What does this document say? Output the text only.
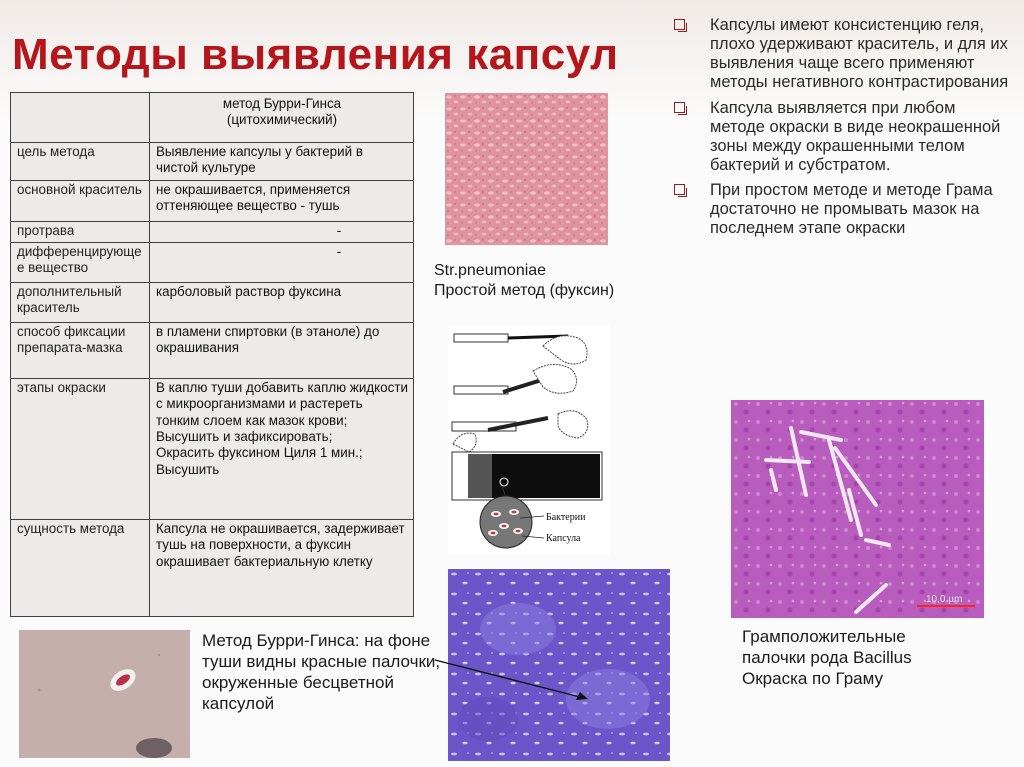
Методы выявления капсул

	метод Бурри-Гинса
(цитохимический)

цель метода	Выявление капсулы у бактерий в чистой культуре
основной краситель	не окрашивается, применяется оттеняющее вещество - тушь
протрава	-
дифференцирующее вещество	-
дополнительный краситель	карболовый раствор фуксина
способ фиксации препарата-мазка	в пламени спиртовки (в этаноле) до окрашивания
этапы окраски	В каплю туши добавить каплю жидкости с микроорганизмами и растереть тонким слоем как мазок крови;
Высушить и зафиксировать;
Окрасить фуксином Циля 1 мин.;
Высушить
сущность метода	Капсула не окрашивается, задерживает тушь на поверхности, а фуксин окрашивает бактериальную клетку
Капсулы имеют консистенцию геля, плохо удерживают краситель, и для их выявления чаще всего применяют методы негативного контрастирования
Капсула выявляется при любом методе окраски в виде неокрашенной зоны между окрашенными телом бактерий и субстратом.
При простом методе и методе Грама достаточно не промывать мазок на последнем этапе окраски
Str.pneumoniae
Простой метод (фуксин)
Бактерии
Капсула
10,0 µm
Грамположительные
палочки рода Bacillus
Окраска по Граму
Метод Бурри-Гинса: на фоне туши видны красные палочки, окруженные бесцветной капсулой
